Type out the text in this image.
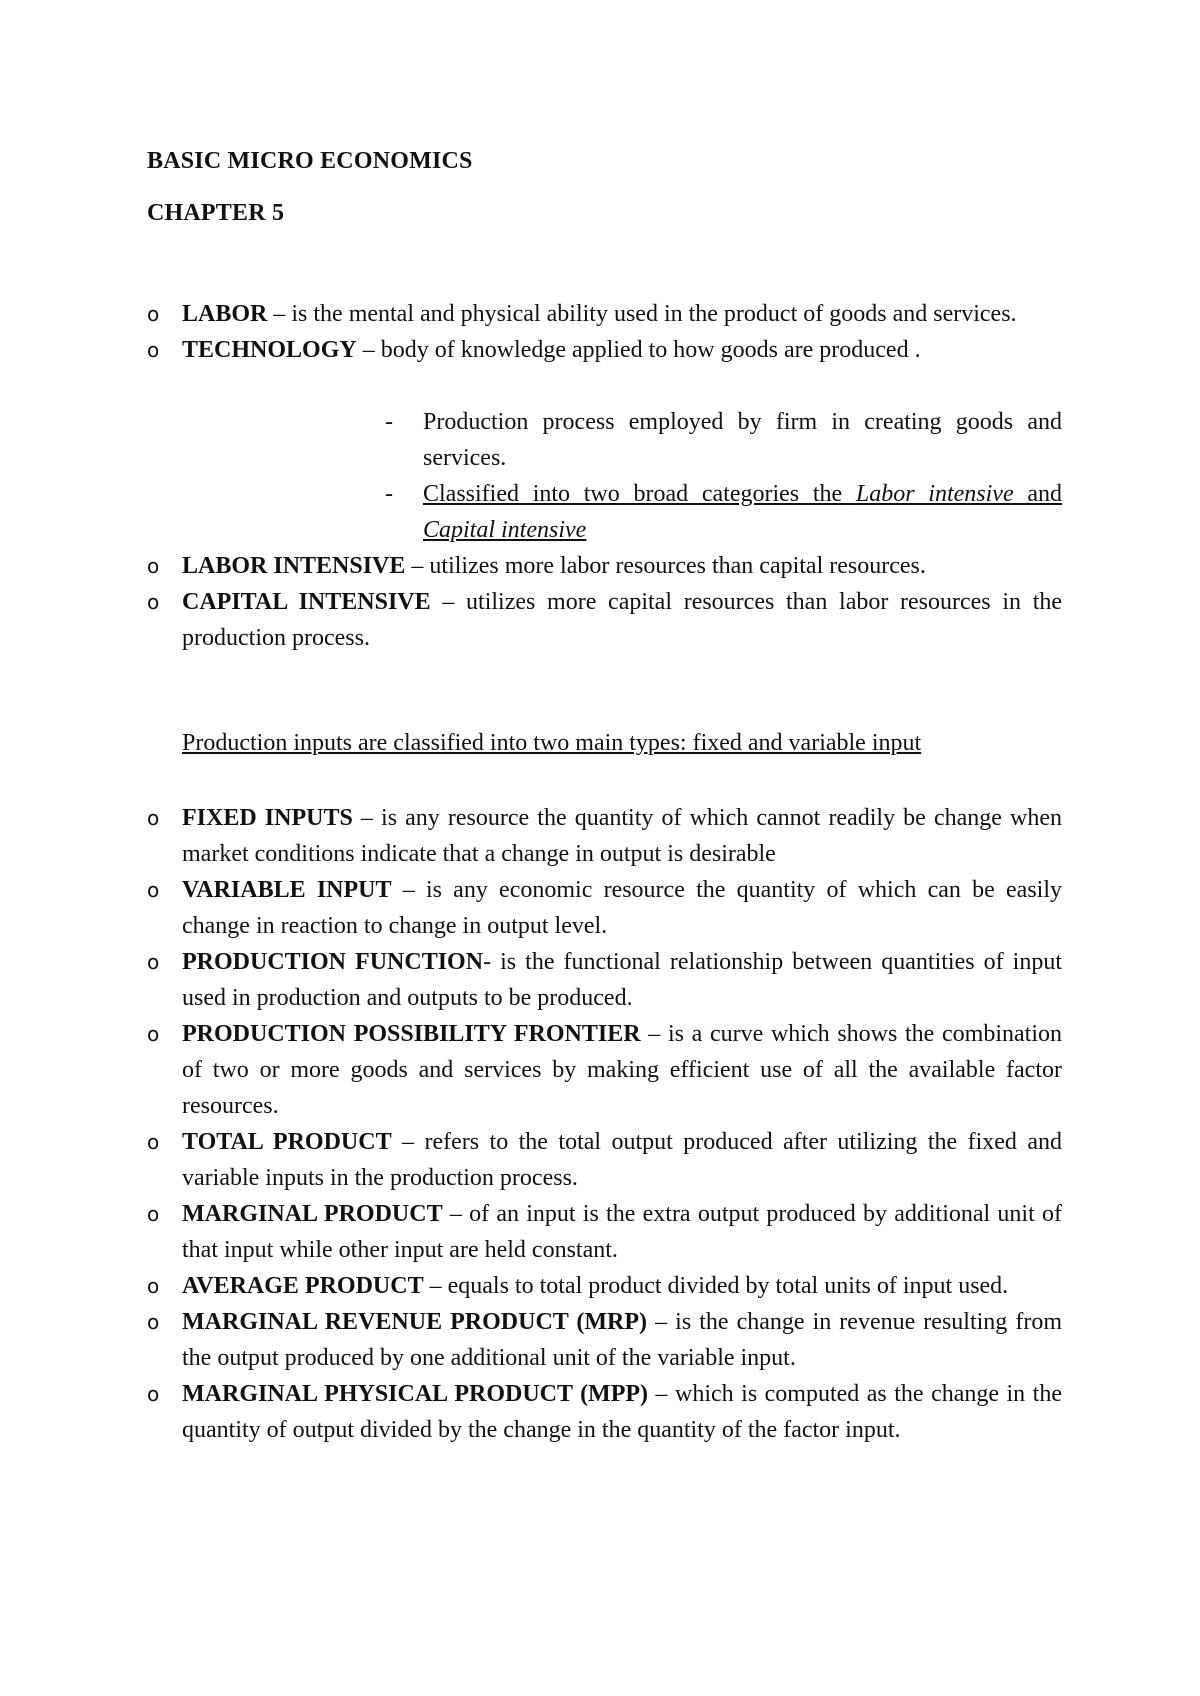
BASIC MICRO ECONOMICS
CHAPTER 5
o LABOR – is the mental and physical ability used in the product of goods and services.
o TECHNOLOGY – body of knowledge applied to how goods are produced .
- Production process employed by firm in creating goods and services.
- Classified into two broad categories the Labor intensive and Capital intensive
o LABOR INTENSIVE – utilizes more labor resources than capital resources.
o CAPITAL INTENSIVE – utilizes more capital resources than labor resources in the production process.

Production inputs are classified into two main types: fixed and variable input

o FIXED INPUTS – is any resource the quantity of which cannot readily be change when market conditions indicate that a change in output is desirable
o VARIABLE INPUT – is any economic resource the quantity of which can be easily change in reaction to change in output level.
o PRODUCTION FUNCTION- is the functional relationship between quantities of input used in production and outputs to be produced.
o PRODUCTION POSSIBILITY FRONTIER – is a curve which shows the combination of two or more goods and services by making efficient use of all the available factor resources.
o TOTAL PRODUCT – refers to the total output produced after utilizing the fixed and variable inputs in the production process.
o MARGINAL PRODUCT – of an input is the extra output produced by additional unit of that input while other input are held constant.
o AVERAGE PRODUCT – equals to total product divided by total units of input used.
o MARGINAL REVENUE PRODUCT (MRP) – is the change in revenue resulting from the output produced by one additional unit of the variable input.
o MARGINAL PHYSICAL PRODUCT (MPP) – which is computed as the change in the quantity of output divided by the change in the quantity of the factor input.
